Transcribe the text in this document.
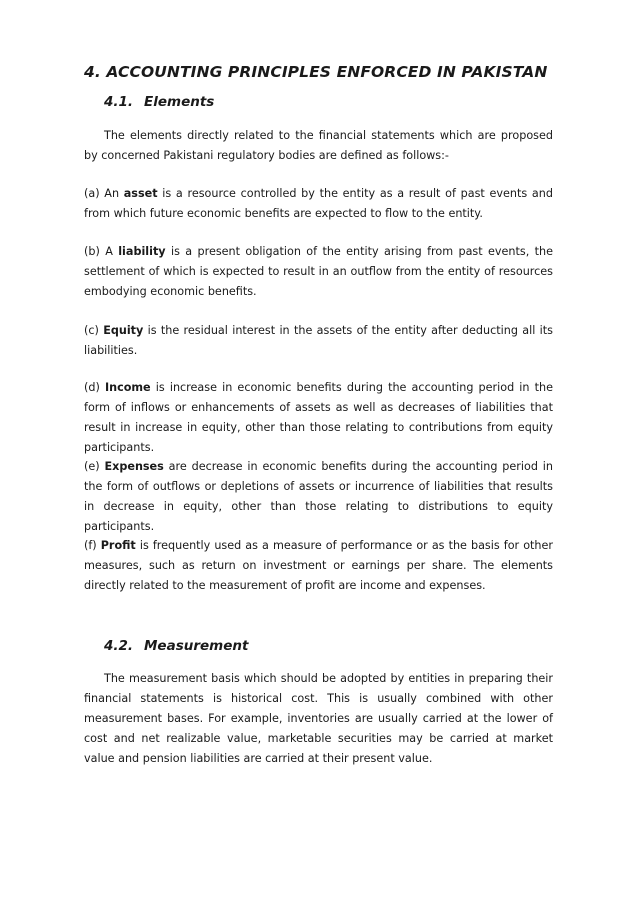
4. ACCOUNTING PRINCIPLES ENFORCED IN PAKISTAN
4.1. Elements

The elements directly related to the financial statements which are proposed by concerned Pakistani regulatory bodies are defined as follows:-

(a) An asset is a resource controlled by the entity as a result of past events and from which future economic benefits are expected to flow to the entity.

(b) A liability is a present obligation of the entity arising from past events, the settlement of which is expected to result in an outflow from the entity of resources embodying economic benefits.

(c) Equity is the residual interest in the assets of the entity after deducting all its liabilities.

(d) Income is increase in economic benefits during the accounting period in the form of inflows or enhancements of assets as well as decreases of liabilities that result in increase in equity, other than those relating to contributions from equity participants.

(e) Expenses are decrease in economic benefits during the accounting period in the form of outflows or depletions of assets or incurrence of liabilities that results in decrease in equity, other than those relating to distributions to equity participants.

(f) Profit is frequently used as a measure of performance or as the basis for other measures, such as return on investment or earnings per share. The elements directly related to the measurement of profit are income and expenses.

4.2. Measurement

The measurement basis which should be adopted by entities in preparing their financial statements is historical cost. This is usually combined with other measurement bases. For example, inventories are usually carried at the lower of cost and net realizable value, marketable securities may be carried at market value and pension liabilities are carried at their present value.
